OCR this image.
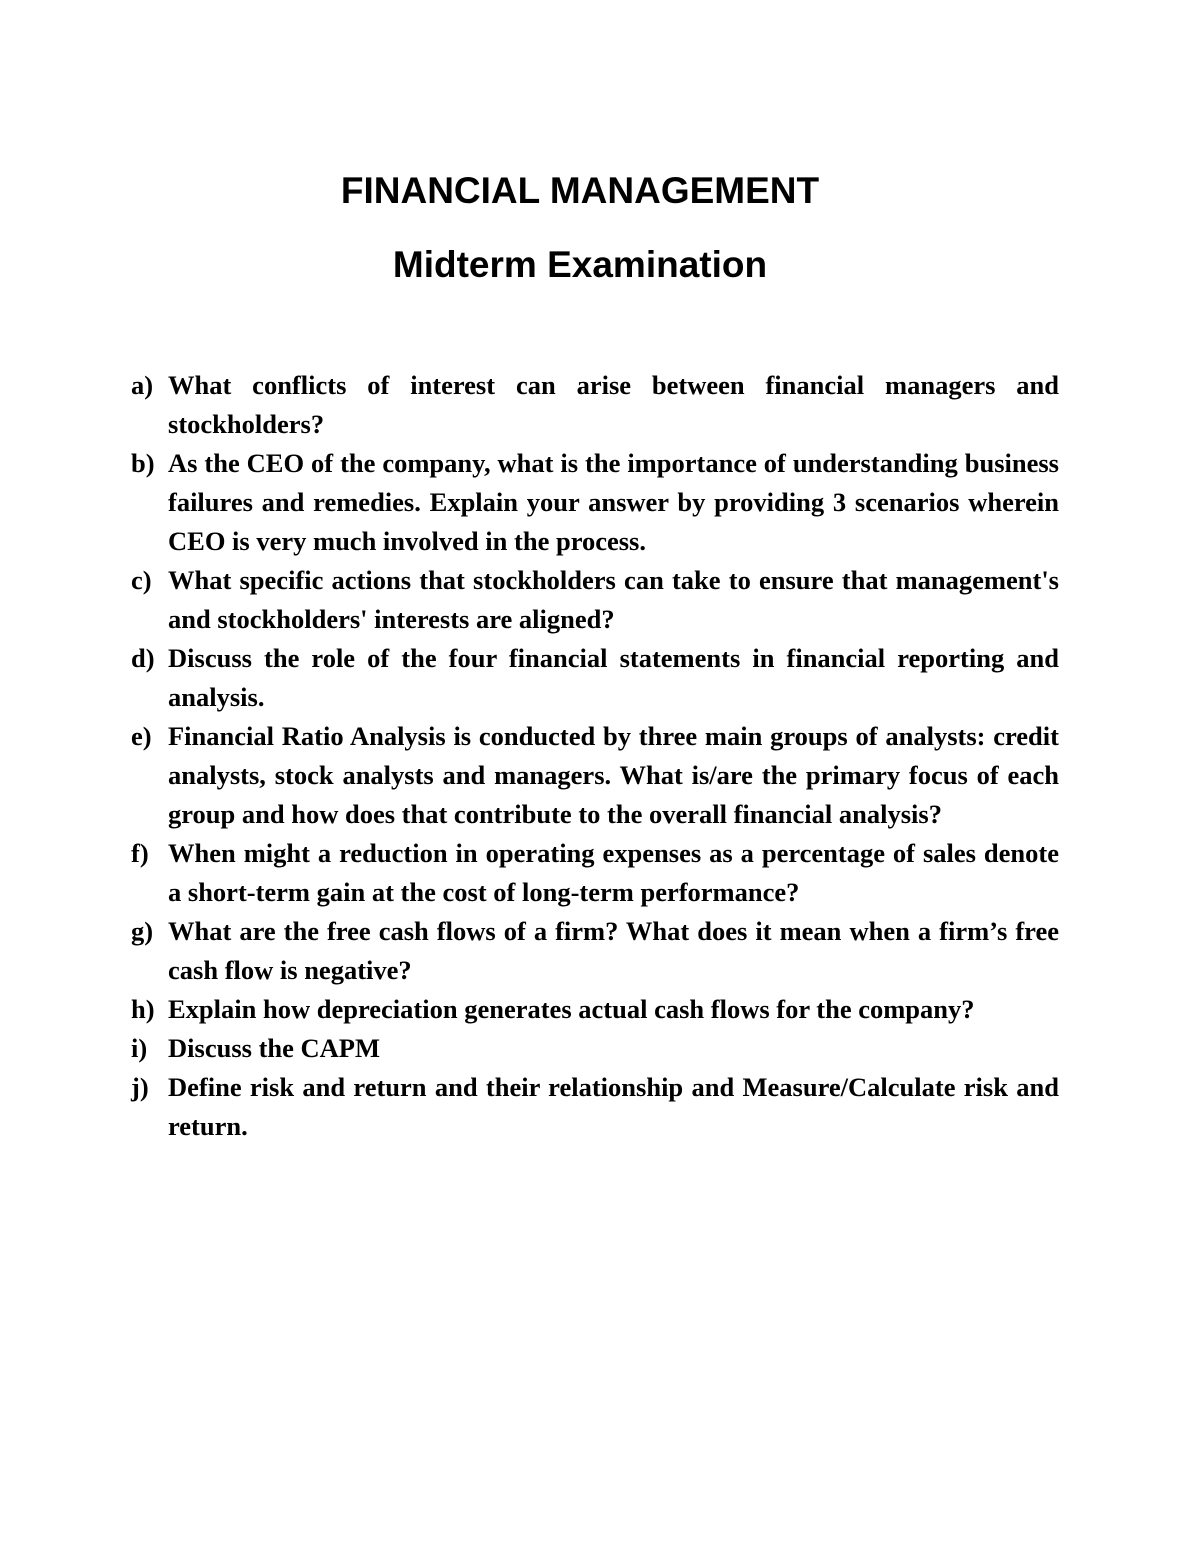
FINANCIAL MANAGEMENT
Midterm Examination
a) What conflicts of interest can arise between financial managers and stockholders?
b) As the CEO of the company, what is the importance of understanding business failures and remedies. Explain your answer by providing 3 scenarios wherein CEO is very much involved in the process.
c) What specific actions that stockholders can take to ensure that management's and stockholders' interests are aligned?
d) Discuss the role of the four financial statements in financial reporting and analysis.
e) Financial Ratio Analysis is conducted by three main groups of analysts: credit analysts, stock analysts and managers. What is/are the primary focus of each group and how does that contribute to the overall financial analysis?
f) When might a reduction in operating expenses as a percentage of sales denote a short-term gain at the cost of long-term performance?
g) What are the free cash flows of a firm? What does it mean when a firm’s free cash flow is negative?
h) Explain how depreciation generates actual cash flows for the company?
i) Discuss the CAPM
j) Define risk and return and their relationship and Measure/Calculate risk and return.
